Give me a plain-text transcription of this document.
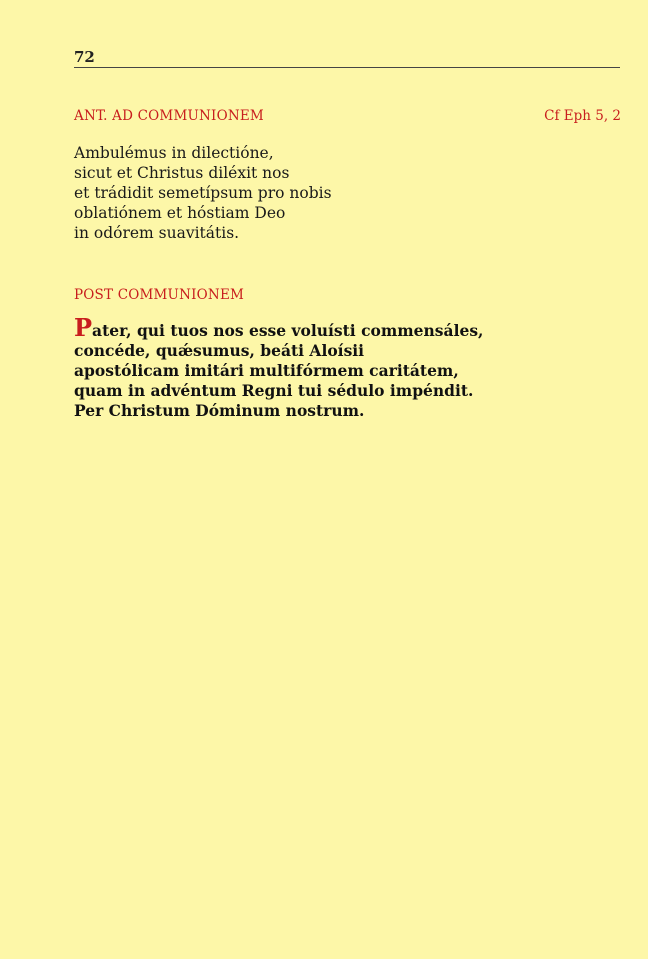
72
ANT. AD COMMUNIONEM	Cf Eph 5, 2
Ambulémus in dilectióne,
sicut et Christus diléxit nos
et trádidit semetípsum pro nobis
oblatiónem et hóstiam Deo
in odórem suavitátis.
POST COMMUNIONEM
Pater, qui tuos nos esse voluísti commensáles,
concéde, quǽsumus, beáti Aloísii
apostólicam imitári multifórmem caritátem,
quam in advéntum Regni tui sédulo impéndit.
Per Christum Dóminum nostrum.
